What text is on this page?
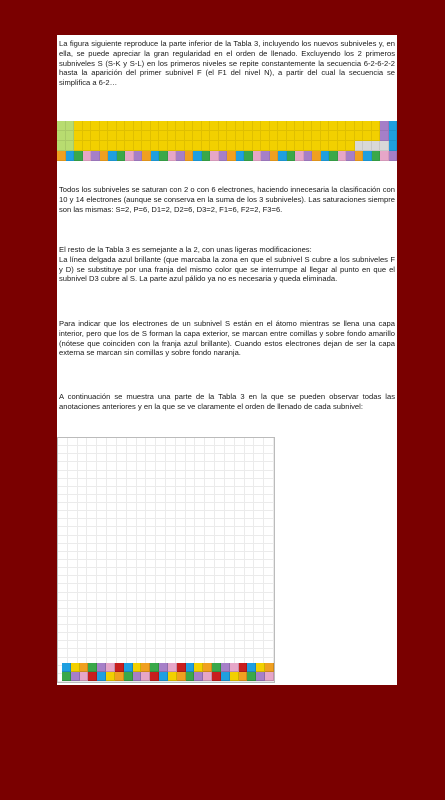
La figura siguiente reproduce la parte inferior de la Tabla 3, incluyendo los nuevos subniveles y, en ella, se puede apreciar la gran regularidad en el orden de llenado. Excluyendo los 2 primeros subniveles S (S-K y S-L) en los primeros niveles se repite constantemente la secuencia 6-2-6-2-2 hasta la aparición del primer subnivel F (el F1 del nivel N), a partir del cual la secuencia se simplifica a 6-2…

Todos los subniveles se saturan con 2 o con 6 electrones, haciendo innecesaria la clasificación con 10 y 14 electrones (aunque se conserva en la suma de los 3 subniveles). Las saturaciones siempre son las mismas: S=2, P=6, D1=2, D2=6, D3=2, F1=6, F2=2, F3=6.

El resto de la Tabla 3 es semejante a la 2, con unas ligeras modificaciones:
La línea delgada azul brillante (que marcaba la zona en que el subnivel S cubre a los subniveles F y D) se substituye por una franja del mismo color que se interrumpe al llegar al punto en que el subnivel D3 cubre al S. La parte azul pálido ya no es necesaria y queda eliminada.

Para indicar que los electrones de un subnivel S están en el átomo mientras se llena una capa interior, pero que los de S forman la capa exterior, se marcan entre comillas y sobre fondo amarillo (nótese que coinciden con la franja azul brillante). Cuando estos electrones dejan de ser la capa externa se marcan sin comillas y sobre fondo naranja.

A continuación se muestra una parte de la Tabla 3 en la que se pueden observar todas las anotaciones anteriores y en la que se ve claramente el orden de llenado de cada subnivel:
